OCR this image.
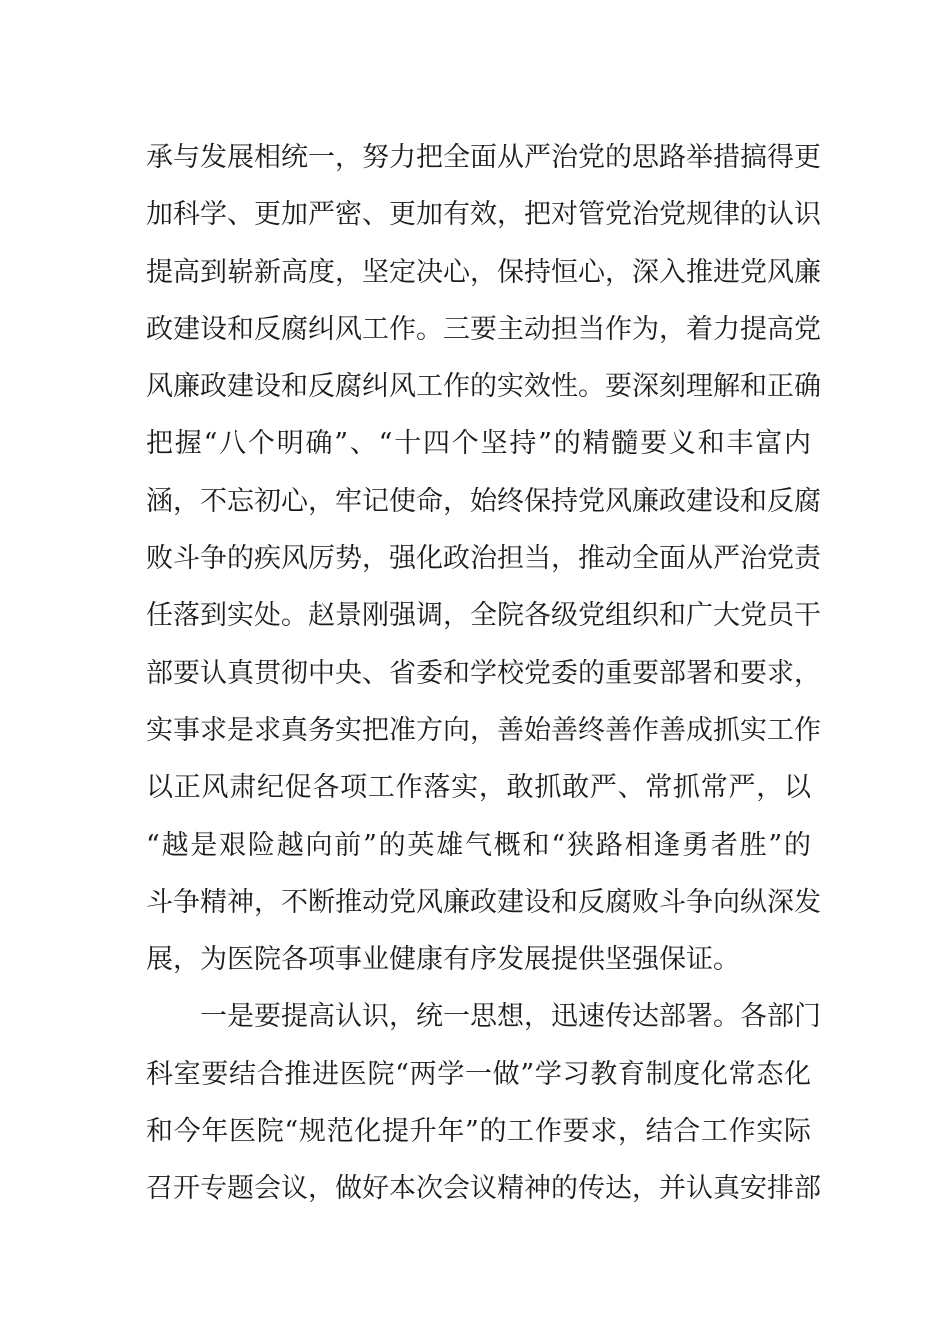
承与发展相统一，努力把全面从严治党的思路举措搞得更
加科学、更加严密、更加有效，把对管党治党规律的认识
提高到崭新高度，坚定决心，保持恒心，深入推进党风廉
政建设和反腐纠风工作。三要主动担当作为，着力提高党
风廉政建设和反腐纠风工作的实效性。要深刻理解和正确
把握“八个明确”、“十四个坚持”的精髓要义和丰富内
涵，不忘初心，牢记使命，始终保持党风廉政建设和反腐
败斗争的疾风厉势，强化政治担当，推动全面从严治党责
任落到实处。赵景刚强调，全院各级党组织和广大党员干
部要认真贯彻中央、省委和学校党委的重要部署和要求，
实事求是求真务实把准方向，善始善终善作善成抓实工作
以正风肃纪促各项工作落实，敢抓敢严、常抓常严，以
“越是艰险越向前”的英雄气概和“狭路相逢勇者胜”的
斗争精神，不断推动党风廉政建设和反腐败斗争向纵深发
展，为医院各项事业健康有序发展提供坚强保证。
一是要提高认识，统一思想，迅速传达部署。各部门
科室要结合推进医院“两学一做”学习教育制度化常态化
和今年医院“规范化提升年”的工作要求，结合工作实际
召开专题会议，做好本次会议精神的传达，并认真安排部
